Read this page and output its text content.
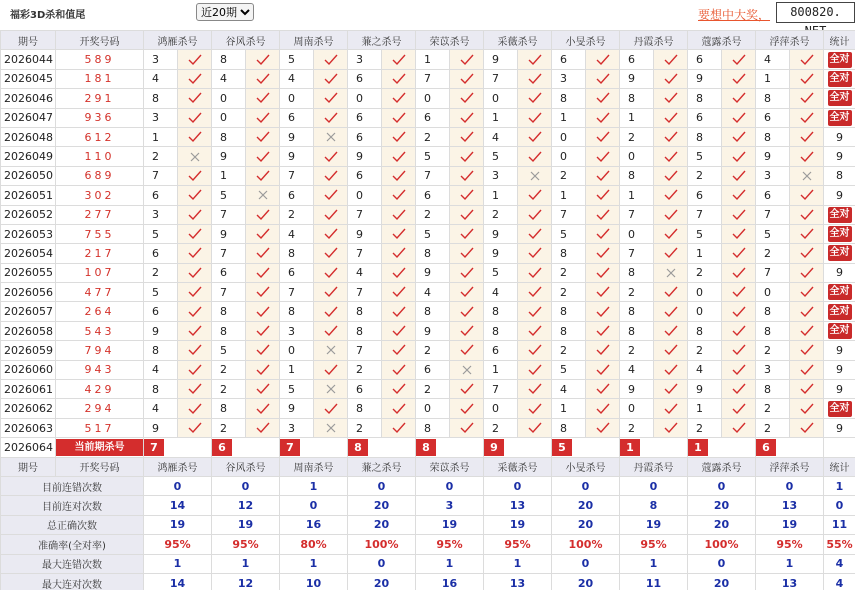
福彩3D杀和值尾
近20期	要想中大奖，	800820.
期号	开奖号码	鸿雁杀号		谷风杀号		周南杀号		蒹之杀号		荣苡杀号		采薇杀号		小旻杀号		丹霞杀号		蔻露杀号		浮萍杀号		统计
2026044	589	3		8		5		3		1		9		6		6		6		4		全对
2026045	181	4		4		4		6		7		7		3		9		9		1		全对
2026046	291	8		0		0		0		0		0		8		8		8		8		全对
2026047	936	3		0		6		6		6		1		1		1		6		6		全对
2026048	612	1		8		9		6		2		4		0		2		8		8		9
2026049	110	2		9		9		9		5		5		0		0		5		9		9
2026050	689	7		1		7		6		7		3		2		8		2		3		8
2026051	302	6		5		6		0		6		1		1		1		6		6		9
2026052	277	3		7		2		7		2		2		7		7		7		7		全对
2026053	755	5		9		4		9		5		9		5		0		5		5		全对
2026054	217	6		7		8		7		8		9		8		7		1		2		全对
2026055	107	2		6		6		4		9		5		2		8		2		7		9
2026056	477	5		7		7		7		4		4		2		2		0		0		全对
2026057	264	6		8		8		8		8		8		8		8		0		8		全对
2026058	543	9		8		3		8		9		8		8		8		8		8		全对
2026059	794	8		5		0		7		2		6		2		2		2		2		9
2026060	943	4		2		1		2		6		1		5		4		4		3		9
2026061	429	8		2		5		6		2		7		4		9		9		8		9
2026062	294	4		8		9		8		0		0		1		0		1		2		全对
2026063	517	9		2		3		2		8		2		8		2		2		2		9
2026064	当前期杀号	7		6		7		8		8		9		5		1		1		6		
期号	开奖号码	鸿雁杀号		谷风杀号		周南杀号		蒹之杀号		荣苡杀号		采薇杀号		小旻杀号		丹霞杀号		蔻露杀号		浮萍杀号		统计
目前连错次数		0		0		1		0		0		0		0		0		0		0		1
目前连对次数		14		12		0		20		3		13		20		8		20		13		0
总正确次数		19		19		16		20		19		19		20		19		20		19		11
准确率(全对率)		95%		95%		80%		100%		95%		95%		100%		95%		100%		95%		55%
最大连错次数		1		1		1		0		1		1		0		1		0		1		4
最大连对次数		14		12		10		20		16		13		20		11		20		13		4
